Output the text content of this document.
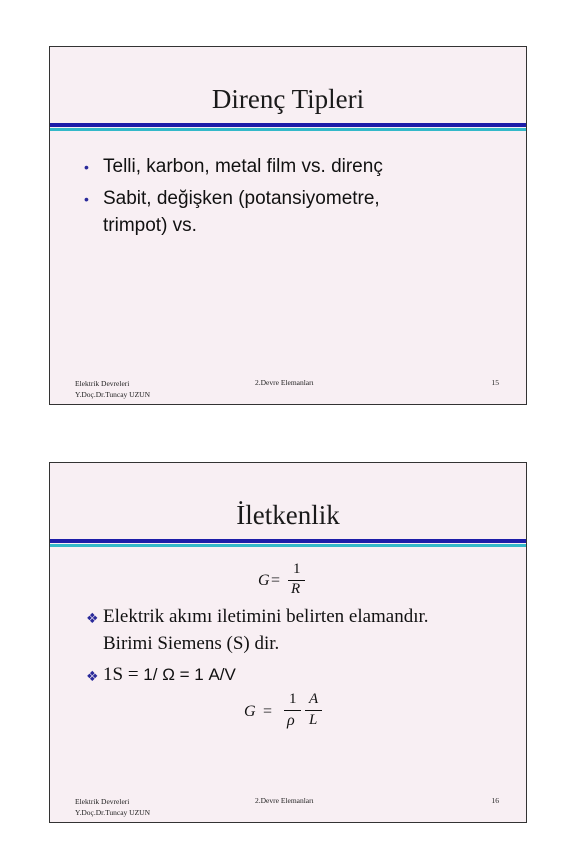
Direnç Tipleri
• Telli, karbon, metal film vs. direnç
• Sabit, değişken (potansiyometre,
trimpot) vs.
Elektrik Devreleri
Y.Doç.Dr.Tuncay UZUN
2.Devre Elemanları	15
İletkenlik
G =
1
R
❖ Elektrik akımı iletimini belirten elamandır.
Birimi Siemens (S) dir.
❖ 1S = 1/ Ω = 1 A/V
G =
1
ρ
A
L
Elektrik Devreleri
Y.Doç.Dr.Tuncay UZUN
2.Devre Elemanları	16
